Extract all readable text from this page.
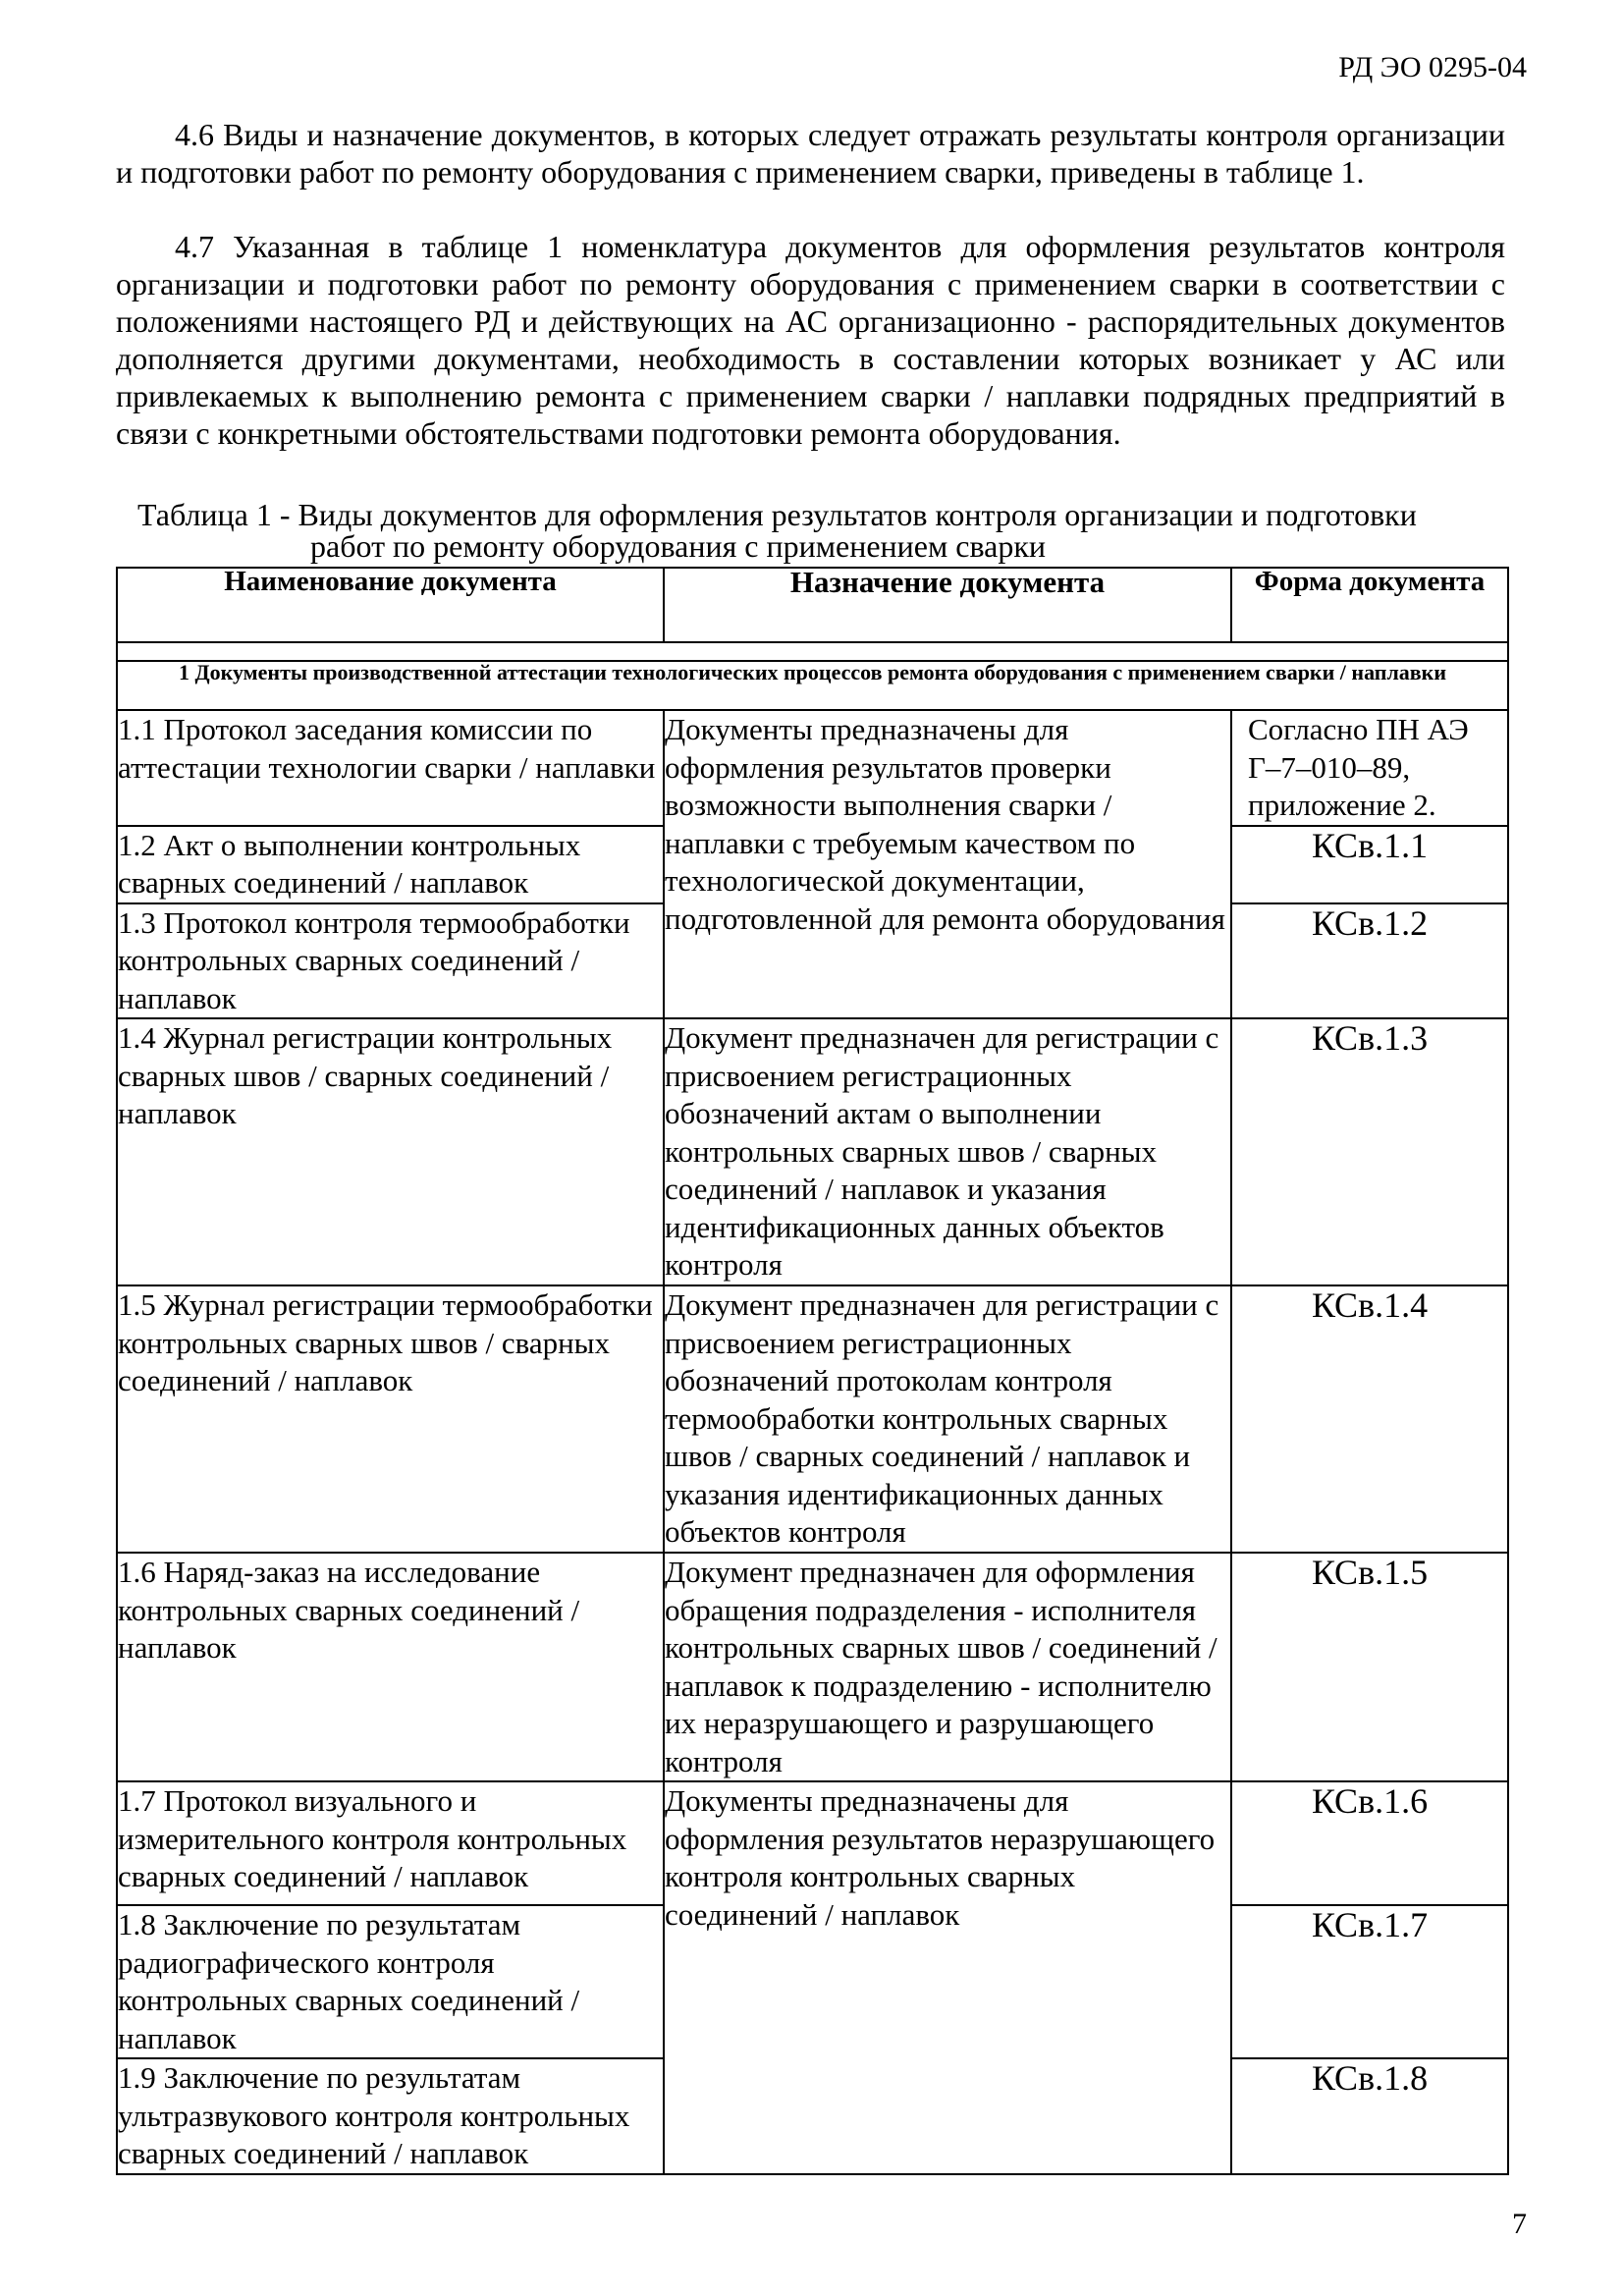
РД ЭО 0295-04

4.6 Виды и назначение документов, в которых следует отражать результаты контроля организации и подготовки работ по ремонту оборудования с применением сварки, приведены в таблице 1.

4.7 Указанная в таблице 1 номенклатура документов для оформления результатов контроля организации и подготовки работ по ремонту оборудования с применением сварки в соответствии с положениями настоящего РД и действующих на АС организационно - распорядительных документов дополняется другими документами, необходимость в составлении которых возникает у АС или привлекаемых к выполнению ремонта с применением сварки / наплавки подрядных предприятий в связи с конкретными обстоятельствами подготовки ремонта оборудования.

Таблица 1 - Виды документов для оформления результатов контроля организации и подготовки
работ по ремонту оборудования с применением сварки
Наименование документа	Назначение документа	Форма документа

1 Документы производственной аттестации технологических процессов ремонта оборудования с применением сварки / наплавки		
1.1 Протокол заседания комиссии по аттестации технологии сварки / наплавки	Документы предназначены для оформления результатов проверки возможности выполнения сварки / наплавки с требуемым качеством по технологической документации, подготовленной для ремонта оборудования	Согласно ПН АЭ Г–7–010–89, приложение 2.
1.2 Акт о выполнении контрольных сварных соединений / наплавок		КСв.1.1
1.3 Протокол контроля термообработки контрольных сварных соединений / наплавок		КСв.1.2
1.4 Журнал регистрации контрольных сварных швов / сварных соединений / наплавок	Документ предназначен для регистрации с присвоением регистрационных обозначений актам о выполнении контрольных сварных швов / сварных соединений / наплавок и указания идентификационных данных объектов контроля	КСв.1.3
1.5 Журнал регистрации термообработки контрольных сварных швов / сварных соединений / наплавок	Документ предназначен для регистрации с присвоением регистрационных обозначений протоколам контроля термообработки контрольных сварных швов / сварных соединений / наплавок и указания идентификационных данных объектов контроля	КСв.1.4
1.6 Наряд-заказ на исследование контрольных сварных соединений / наплавок	Документ предназначен для оформления обращения подразделения - исполнителя контрольных сварных швов / соединений / наплавок к подразделению - исполнителю их неразрушающего и разрушающего контроля	КСв.1.5
1.7 Протокол визуального и измерительного контроля контрольных сварных соединений / наплавок	Документы предназначены для оформления результатов неразрушающего контроля контрольных сварных соединений / наплавок	КСв.1.6
1.8 Заключение по результатам радиографического контроля контрольных сварных соединений / наплавок		КСв.1.7
1.9 Заключение по результатам ультразвукового контроля контрольных сварных соединений / наплавок		КСв.1.8
7
